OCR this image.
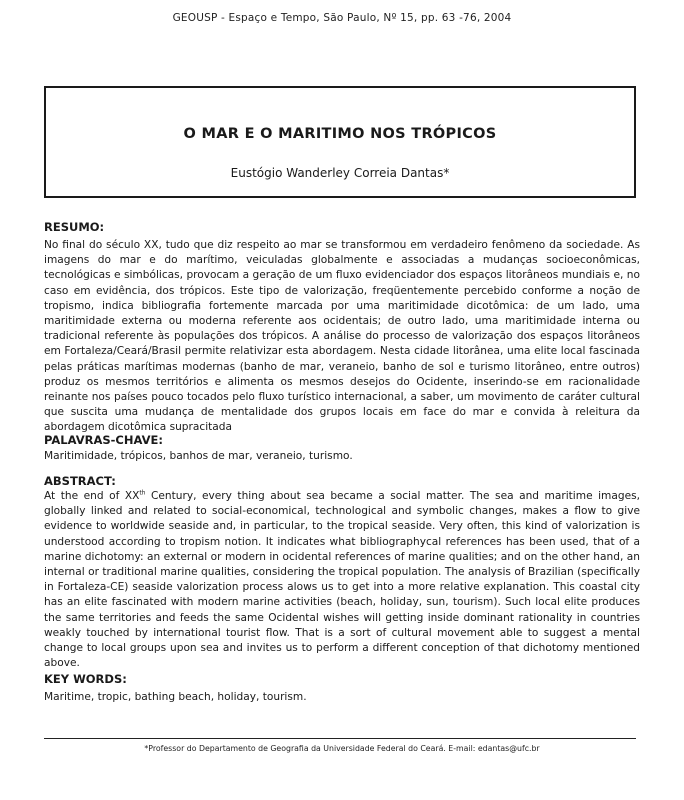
GEOUSP - Espaço e Tempo, São Paulo, Nº 15, pp. 63 -76, 2004
O MAR E O MARITIMO NOS TRÓPICOS
Eustógio Wanderley Correia Dantas*
RESUMO:

No final do século XX, tudo que diz respeito ao mar se transformou em verdadeiro fenômeno da sociedade. As imagens do mar e do marítimo, veiculadas globalmente e associadas a mudanças socioeconômicas, tecnológicas e simbólicas, provocam a geração de um fluxo evidenciador dos espaços litorâneos mundiais e, no caso em evidência, dos trópicos. Este tipo de valorização, freqüentemente percebido conforme a noção de tropismo, indica bibliografia fortemente marcada por uma maritimidade dicotômica: de um lado, uma maritimidade externa ou moderna referente aos ocidentais; de outro lado, uma maritimidade interna ou tradicional referente às populações dos trópicos. A análise do processo de valorização dos espaços litorâneos em Fortaleza/Ceará/Brasil permite relativizar esta abordagem. Nesta cidade litorânea, uma elite local fascinada pelas práticas marítimas modernas (banho de mar, veraneio, banho de sol e turismo litorâneo, entre outros) produz os mesmos territórios e alimenta os mesmos desejos do Ocidente, inserindo-se em racionalidade reinante nos países pouco tocados pelo fluxo turístico internacional, a saber, um movimento de caráter cultural que suscita uma mudança de mentalidade dos grupos locais em face do mar e convida à releitura da abordagem dicotômica supracitada

PALAVRAS-CHAVE:

Maritimidade, trópicos, banhos de mar, veraneio, turismo.

ABSTRACT:

At the end of XXth Century, every thing about sea became a social matter. The sea and maritime images, globally linked and related to social-economical, technological and symbolic changes, makes a flow to give evidence to worldwide seaside and, in particular, to the tropical seaside. Very often, this kind of valorization is understood according to tropism notion. It indicates what bibliographycal references has been used, that of a marine dichotomy: an external or modern in ocidental references of marine qualities; and on the other hand, an internal or traditional marine qualities, considering the tropical population. The analysis of Brazilian (specifically in Fortaleza-CE) seaside valorization process alows us to get into a more relative explanation. This coastal city has an elite fascinated with modern marine activities (beach, holiday, sun, tourism). Such local elite produces the same territories and feeds the same Ocidental wishes will getting inside dominant rationality in countries weakly touched by international tourist flow. That is a sort of cultural movement able to suggest a mental change to local groups upon sea and invites us to perform a different conception of that dichotomy mentioned above.

KEY WORDS:

Maritime, tropic, bathing beach, holiday, tourism.

*Professor do Departamento de Geografia da Universidade Federal do Ceará. E-mail: edantas@ufc.br
